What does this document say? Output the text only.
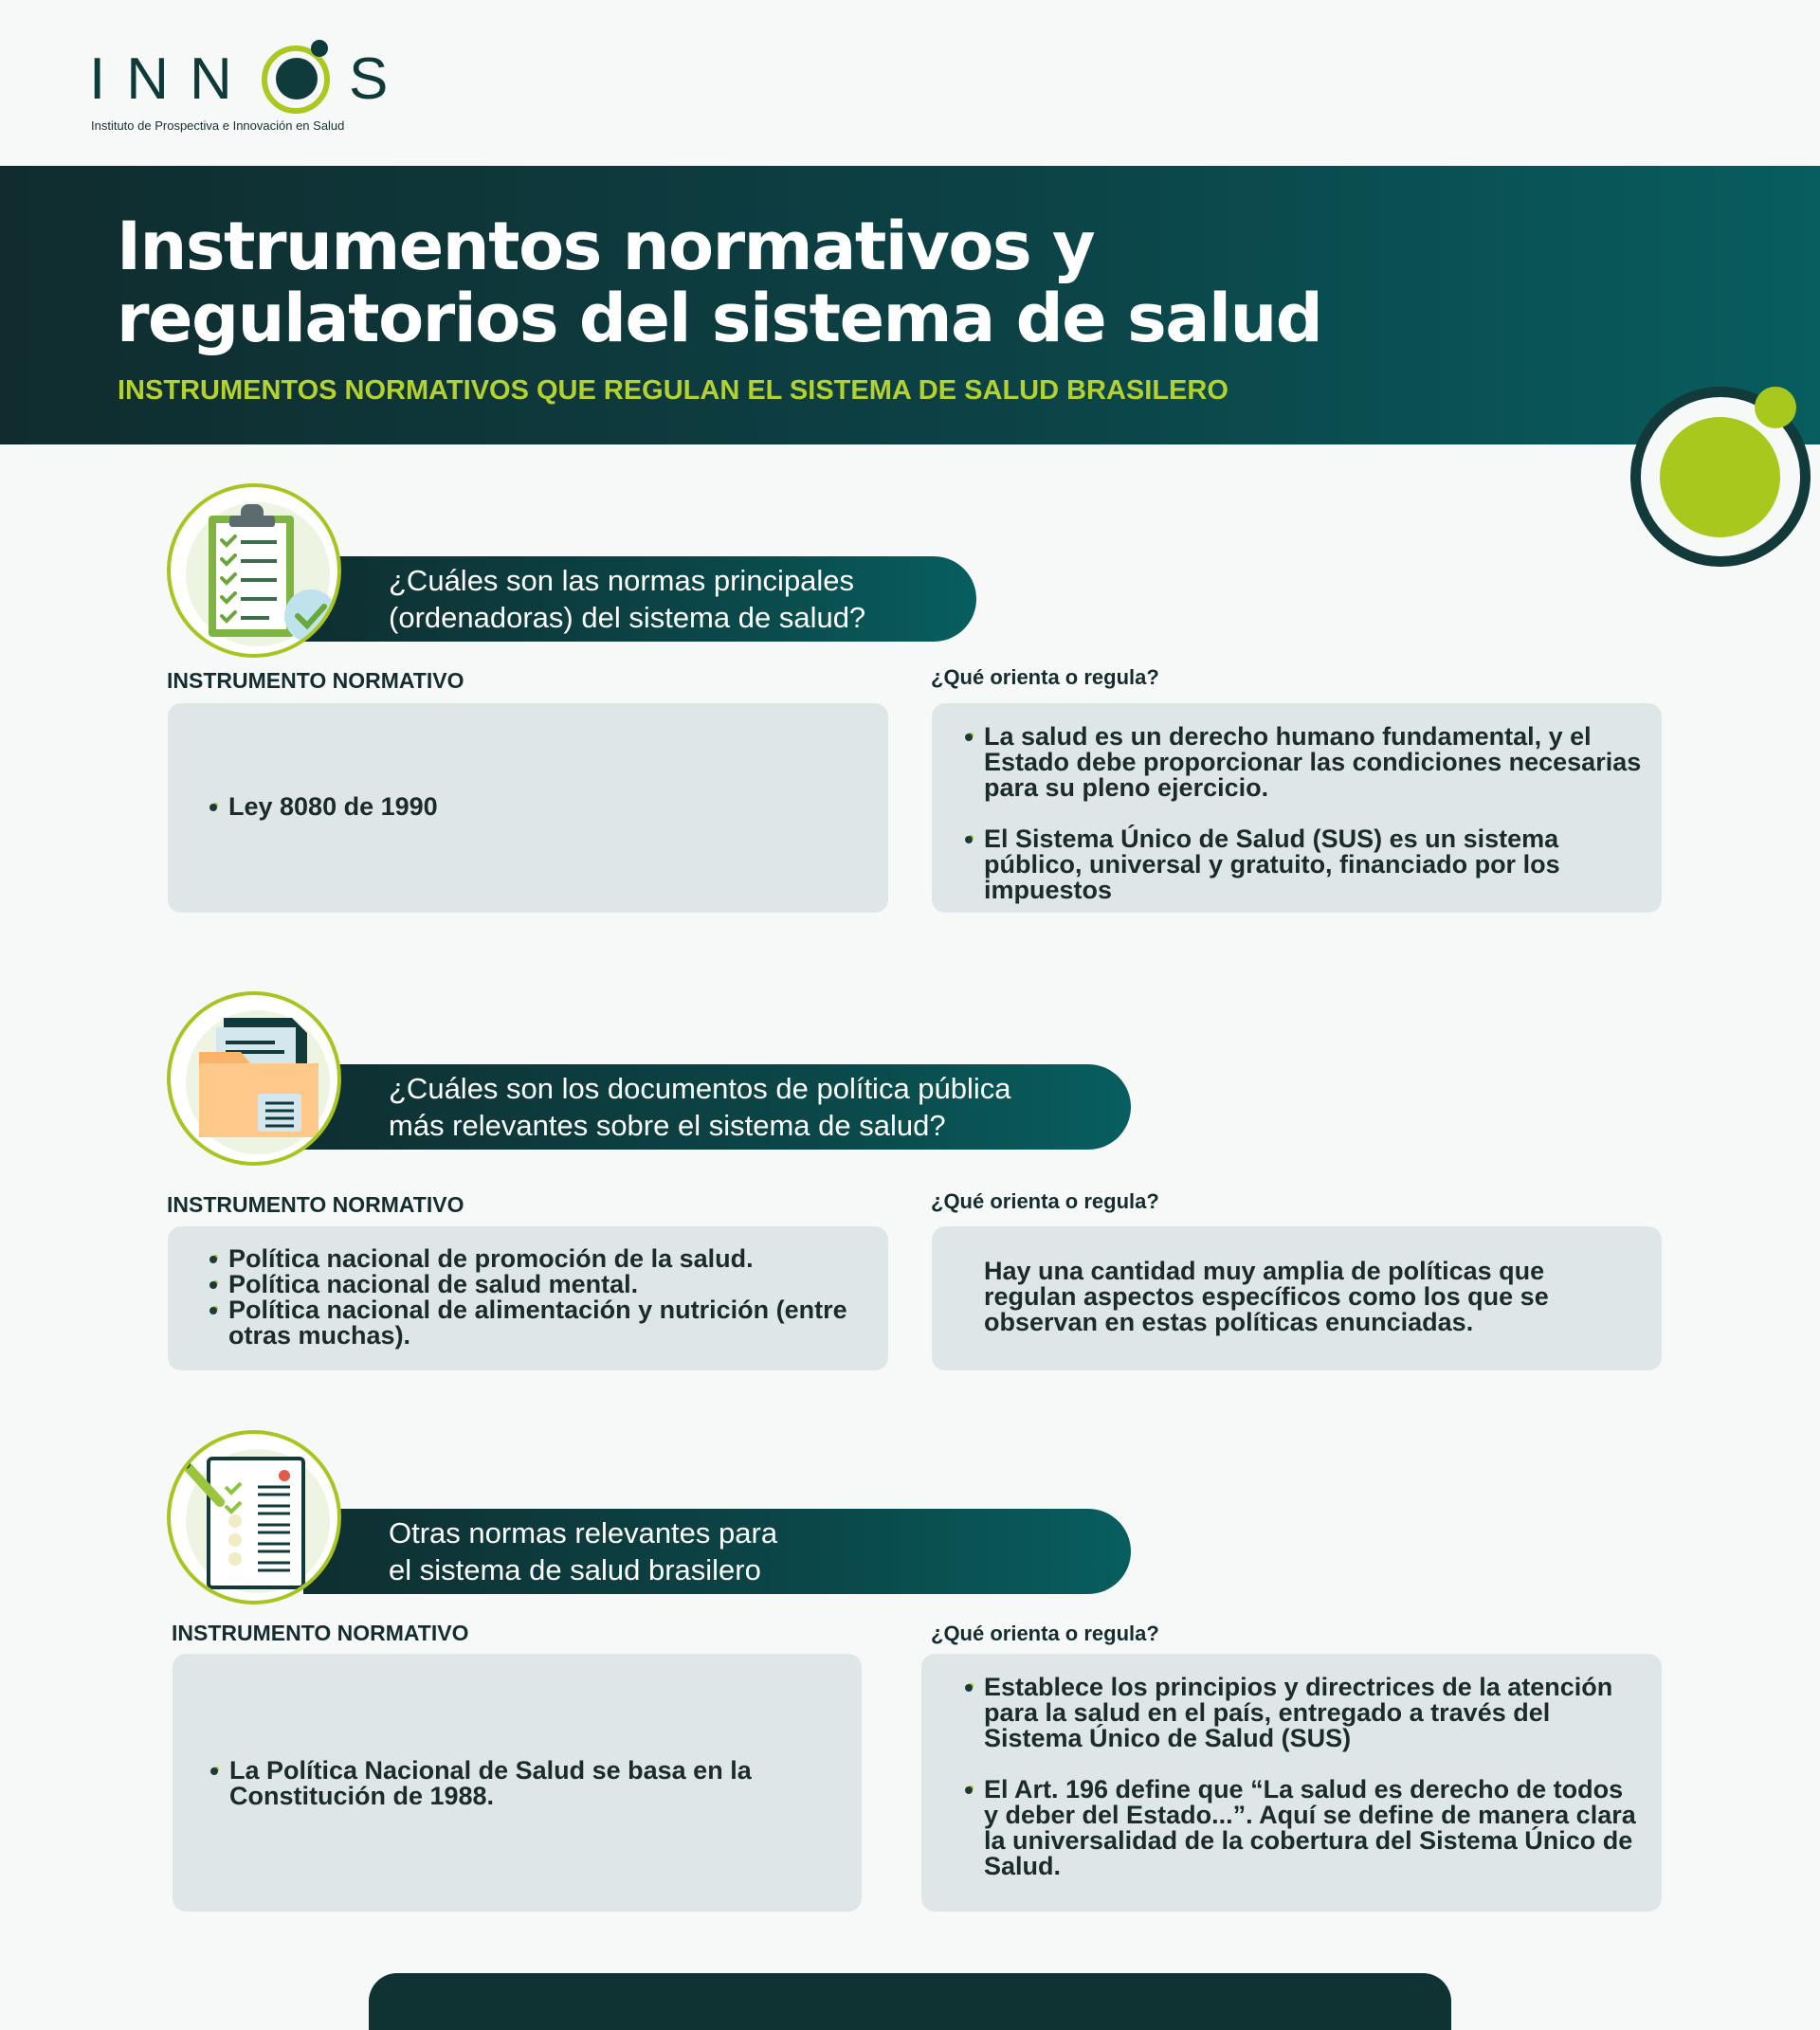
INN S
Instituto de Prospectiva e Innovación en Salud
Instrumentos normativos y
regulatorios del sistema de salud
INSTRUMENTOS NORMATIVOS QUE REGULAN EL SISTEMA DE SALUD BRASILERO
¿Cuáles son las normas principales
(ordenadoras) del sistema de salud?
INSTRUMENTO NORMATIVO	¿Qué orienta o regula?
Ley 8080 de 1990
La salud es un derecho humano fundamental, y el Estado debe proporcionar las condiciones necesarias para su pleno ejercicio.
El Sistema Único de Salud (SUS) es un sistema público, universal y gratuito, financiado por los impuestos
¿Cuáles son los documentos de política pública
más relevantes sobre el sistema de salud?
INSTRUMENTO NORMATIVO	¿Qué orienta o regula?
Política nacional de promoción de la salud.
Política nacional de salud mental.
Política nacional de alimentación y nutrición (entre otras muchas).
Hay una cantidad muy amplia de políticas que regulan aspectos específicos como los que se observan en estas políticas enunciadas.
Otras normas relevantes para
el sistema de salud brasilero
INSTRUMENTO NORMATIVO	¿Qué orienta o regula?
La Política Nacional de Salud se basa en la Constitución de 1988.
Establece los principios y directrices de la atención para la salud en el país, entregado a través del Sistema Único de Salud (SUS)
El Art. 196 define que “La salud es derecho de todos y deber del Estado...”. Aquí se define de manera clara la universalidad de la cobertura del Sistema Único de Salud.
